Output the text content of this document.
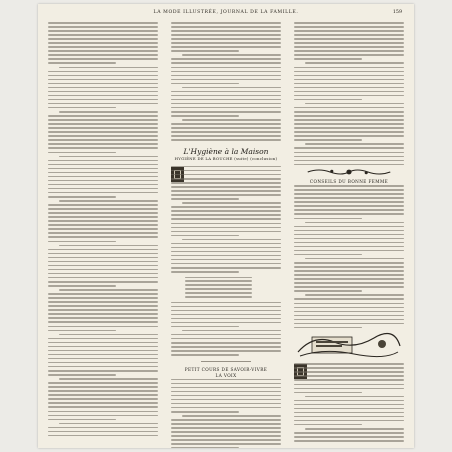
LA MODE ILLUSTRÉE, JOURNAL DE LA FAMILLE.	159
L'Hygiène à la Maison
HYGIÈNE DE LA BOUCHE (suite) (conclusion)
PETIT COURS DE SAVOIR-VIVRE
LA VOIX
CONSEILS DU BONNE FEMME
